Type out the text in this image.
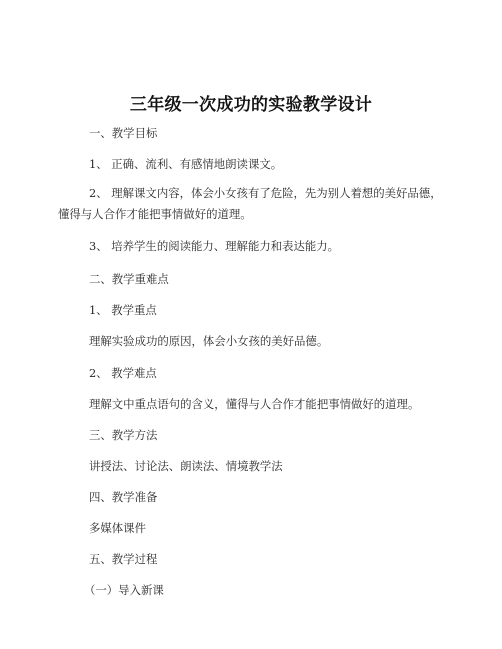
三年级一次成功的实验教学设计

一、教学目标

1、 正确、流利、有感情地朗读课文。

2、 理解课文内容，体会小女孩有了危险，先为别人着想的美好品德，懂得与人合作才能把事情做好的道理。

3、 培养学生的阅读能力、理解能力和表达能力。

二、教学重难点

1、 教学重点

理解实验成功的原因，体会小女孩的美好品德。

2、 教学难点

理解文中重点语句的含义，懂得与人合作才能把事情做好的道理。

三、教学方法

讲授法、讨论法、朗读法、情境教学法

四、教学准备

多媒体课件

五、教学过程

（一）导入新课
